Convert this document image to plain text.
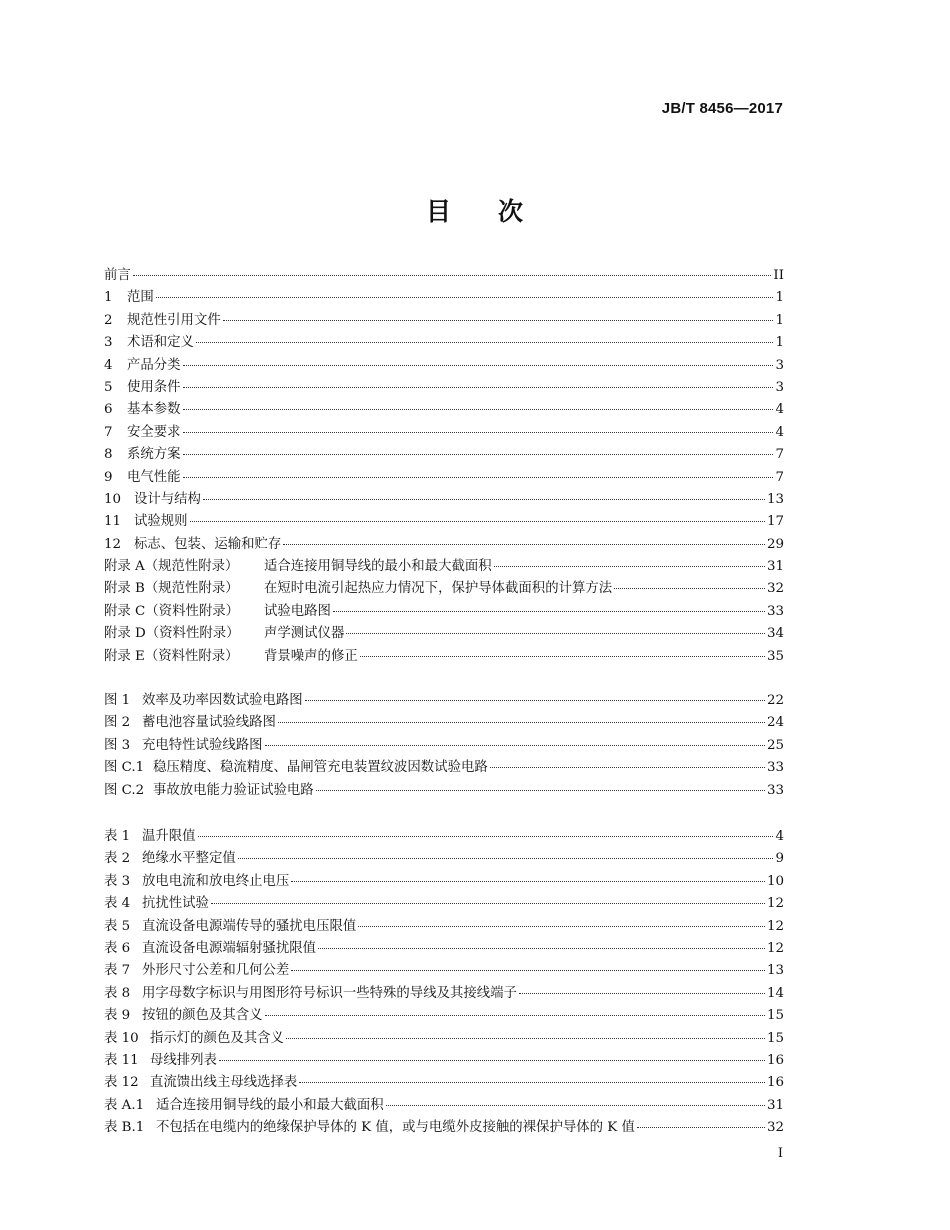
JB/T 8456—2017
目 次
前言	II
1	范围	1
2	规范性引用文件	1
3	术语和定义	1
4	产品分类	3
5	使用条件	3
6	基本参数	4
7	安全要求	4
8	系统方案	7
9	电气性能	7
10 设计与结构	13
11 试验规则	17
12 标志、包装、运输和贮存	29
附录 A（规范性附录）	适合连接用铜导线的最小和最大截面积	31
附录 B（规范性附录）	在短时电流引起热应力情况下，保护导体截面积的计算方法	32
附录 C（资料性附录）	试验电路图	33
附录 D（资料性附录）	声学测试仪器	34
附录 E（资料性附录）	背景噪声的修正	35
图 1 效率及功率因数试验电路图	22
图 2 蓄电池容量试验线路图	24
图 3 充电特性试验线路图	25
图 C.1 稳压精度、稳流精度、晶闸管充电装置纹波因数试验电路	33
图 C.2 事故放电能力验证试验电路	33
表 1 温升限值	4
表 2 绝缘水平整定值	9
表 3 放电电流和放电终止电压	10
表 4 抗扰性试验	12
表 5 直流设备电源端传导的骚扰电压限值	12
表 6 直流设备电源端辐射骚扰限值	12
表 7 外形尺寸公差和几何公差	13
表 8 用字母数字标识与用图形符号标识一些特殊的导线及其接线端子	14
表 9 按钮的颜色及其含义	15
表 10 指示灯的颜色及其含义	15
表 11 母线排列表	16
表 12 直流馈出线主母线选择表	16
表 A.1 适合连接用铜导线的最小和最大截面积	31
表 B.1 不包括在电缆内的绝缘保护导体的 K 值，或与电缆外皮接触的裸保护导体的 K 值	32
I
